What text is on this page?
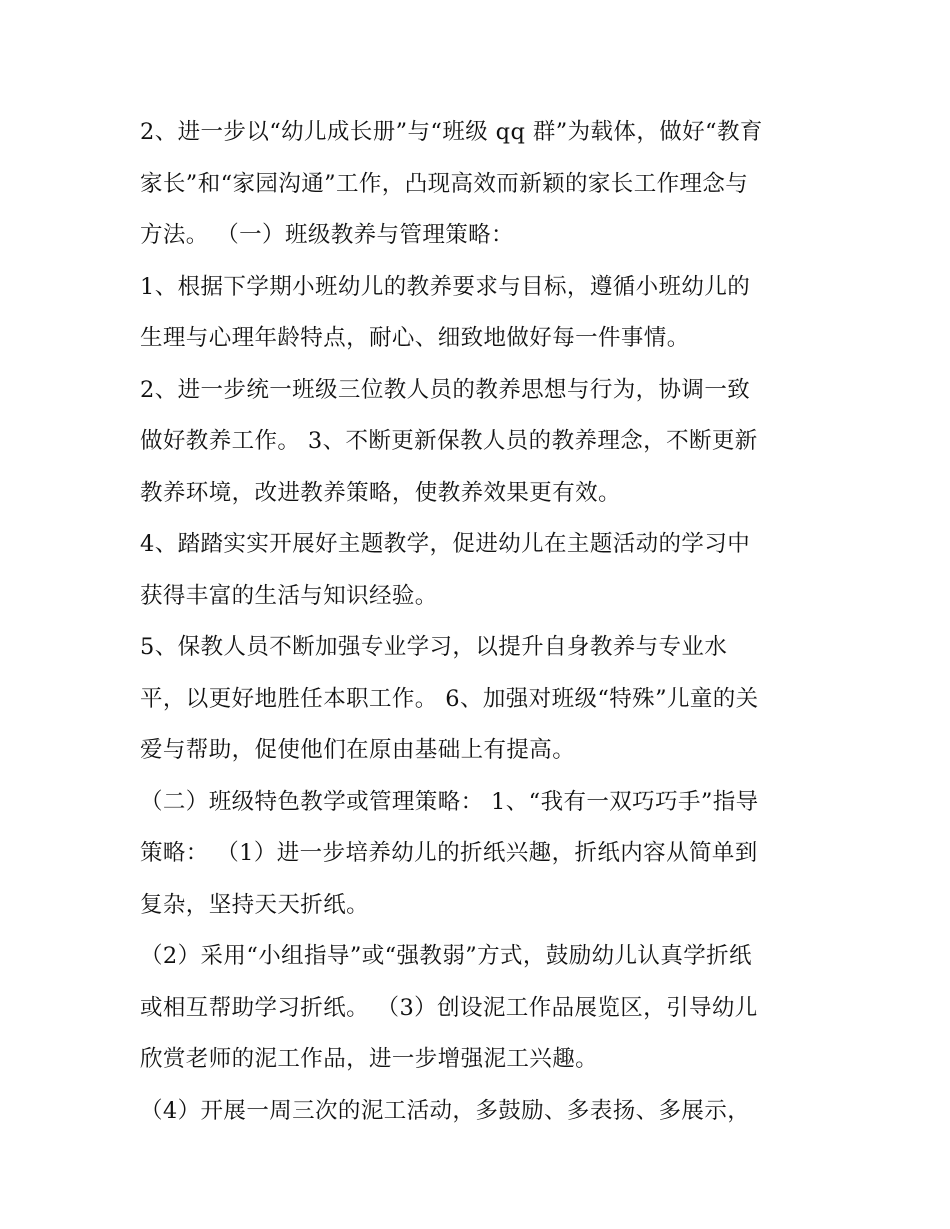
2、进一步以“幼儿成长册”与“班级 qq 群”为载体，做好“教育
家长”和“家园沟通”工作，凸现高效而新颖的家长工作理念与
方法。 （一）班级教养与管理策略：
1、根据下学期小班幼儿的教养要求与目标，遵循小班幼儿的
生理与心理年龄特点，耐心、细致地做好每一件事情。
2、进一步统一班级三位教人员的教养思想与行为，协调一致
做好教养工作。 3、不断更新保教人员的教养理念，不断更新
教养环境，改进教养策略，使教养效果更有效。
4、踏踏实实开展好主题教学，促进幼儿在主题活动的学习中
获得丰富的生活与知识经验。
5、保教人员不断加强专业学习，以提升自身教养与专业水
平，以更好地胜任本职工作。 6、加强对班级“特殊”儿童的关
爱与帮助，促使他们在原由基础上有提高。
（二）班级特色教学或管理策略： 1、“我有一双巧巧手”指导
策略： （1）进一步培养幼儿的折纸兴趣，折纸内容从简单到
复杂，坚持天天折纸。
（2）采用“小组指导”或“强教弱”方式，鼓励幼儿认真学折纸
或相互帮助学习折纸。 （3）创设泥工作品展览区，引导幼儿
欣赏老师的泥工作品，进一步增强泥工兴趣。
（4）开展一周三次的泥工活动，多鼓励、多表扬、多展示，
